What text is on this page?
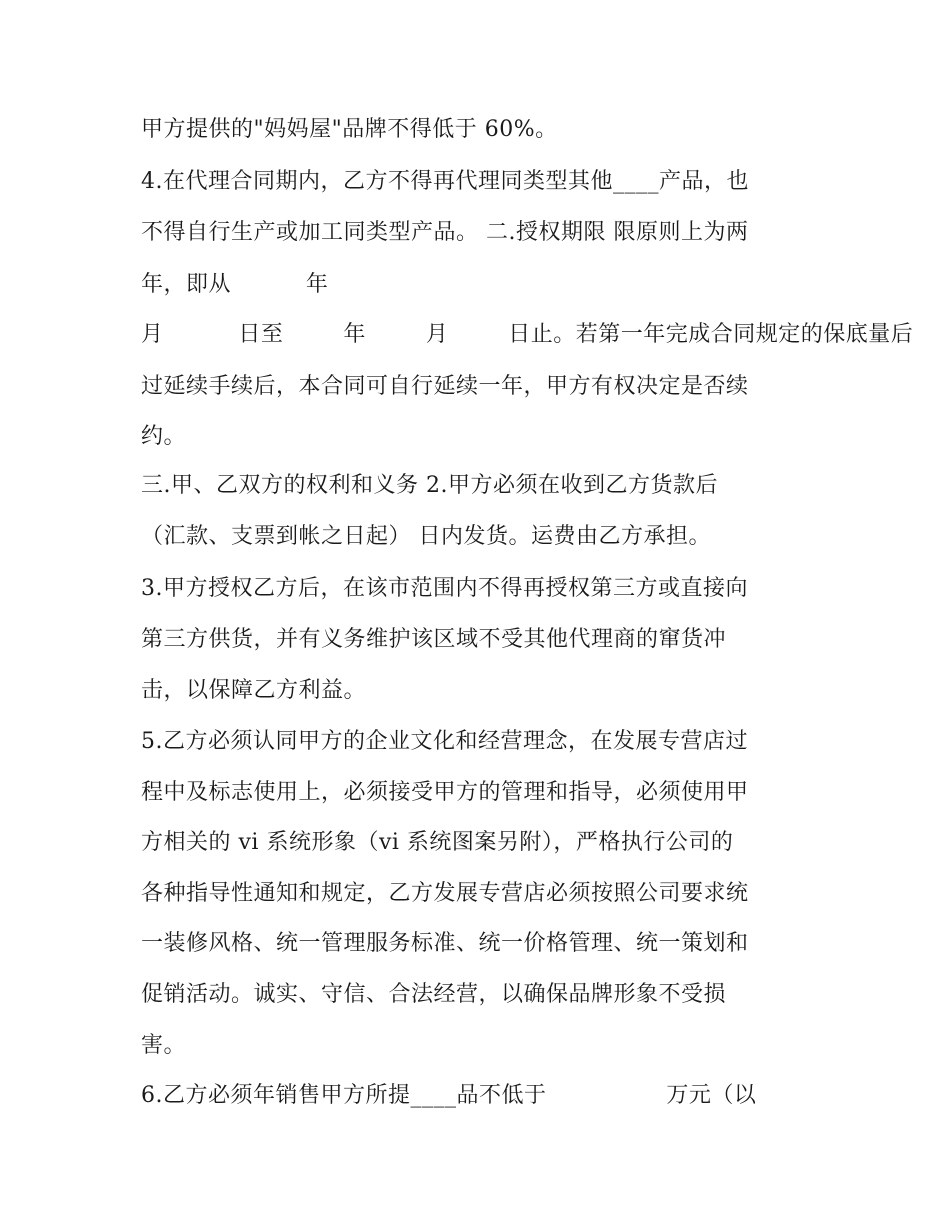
甲方提供的"妈妈屋"品牌不得低于 60%。
4.在代理合同期内，乙方不得再代理同类型其他____产品，也
不得自行生产或加工同类型产品。 二.授权期限 限原则上为两
年，即从          年
月          日至        年        月        日止。若第一年完成合同规定的保底量后
过延续手续后，本合同可自行延续一年，甲方有权决定是否续
约。
三.甲、乙双方的权利和义务 2.甲方必须在收到乙方货款后
（汇款、支票到帐之日起） 日内发货。运费由乙方承担。
3.甲方授权乙方后，在该市范围内不得再授权第三方或直接向
第三方供货，并有义务维护该区域不受其他代理商的窜货冲
击，以保障乙方利益。
5.乙方必须认同甲方的企业文化和经营理念，在发展专营店过
程中及标志使用上，必须接受甲方的管理和指导，必须使用甲
方相关的 vi 系统形象（vi 系统图案另附），严格执行公司的
各种指导性通知和规定，乙方发展专营店必须按照公司要求统
一装修风格、统一管理服务标准、统一价格管理、统一策划和
促销活动。诚实、守信、合法经营，以确保品牌形象不受损
害。
6.乙方必须年销售甲方所提____品不低于                万元（以
